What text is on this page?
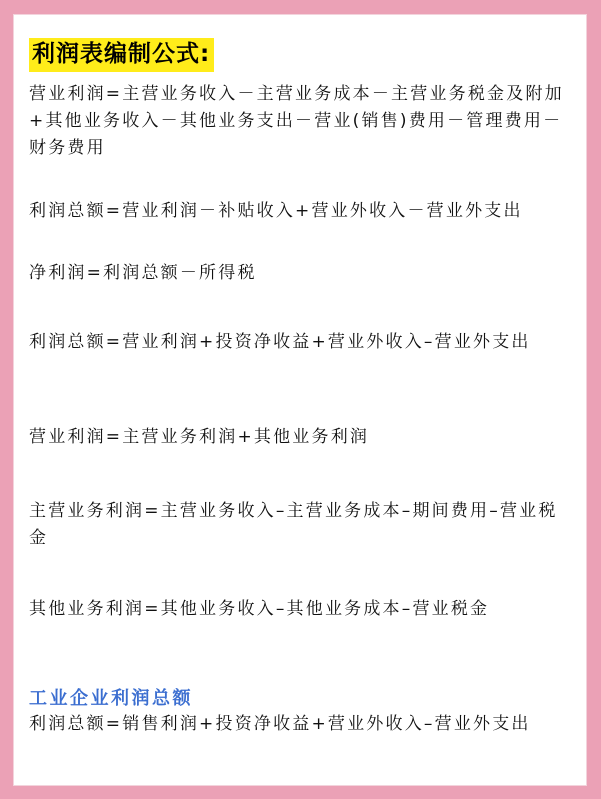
利润表编制公式:

营业利润=主营业务收入－主营业务成本－主营业务税金及附加+其他业务收入－其他业务支出－营业(销售)费用－管理费用－财务费用

利润总额=营业利润－补贴收入+营业外收入－营业外支出

净利润=利润总额－所得税

利润总额=营业利润+投资净收益+营业外收入–营业外支出

营业利润=主营业务利润+其他业务利润

主营业务利润=主营业务收入–主营业务成本–期间费用–营业税金

其他业务利润=其他业务收入–其他业务成本–营业税金

工业企业利润总额

利润总额=销售利润+投资净收益+营业外收入–营业外支出
